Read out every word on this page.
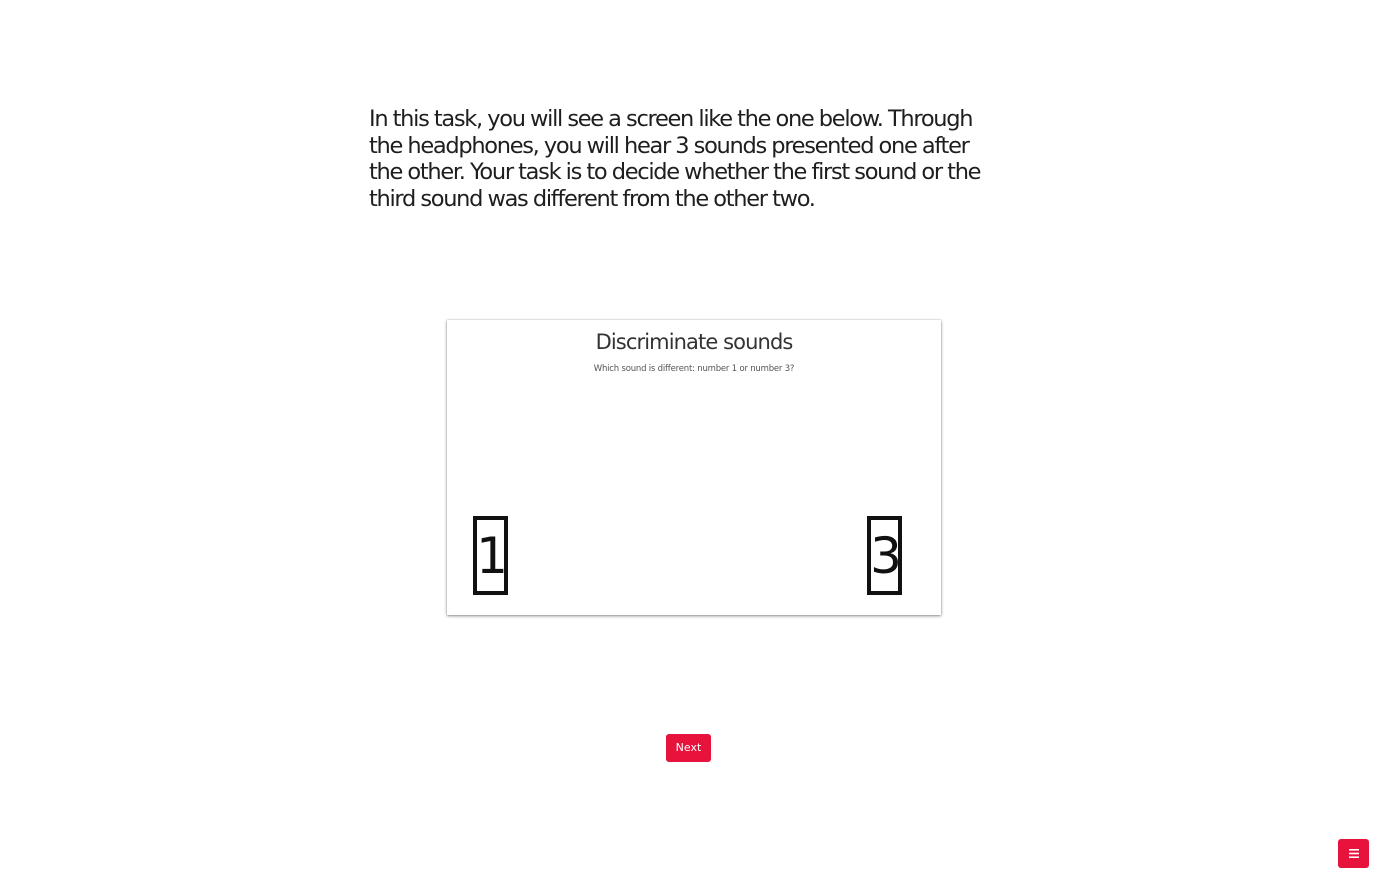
In this task, you will see a screen like the one below. Through the headphones, you will hear 3 sounds presented one after the other. Your task is to decide whether the first sound or the third sound was different from the other two.

Discriminate sounds
Which sound is different: number 1 or number 3?
1	3
Next
